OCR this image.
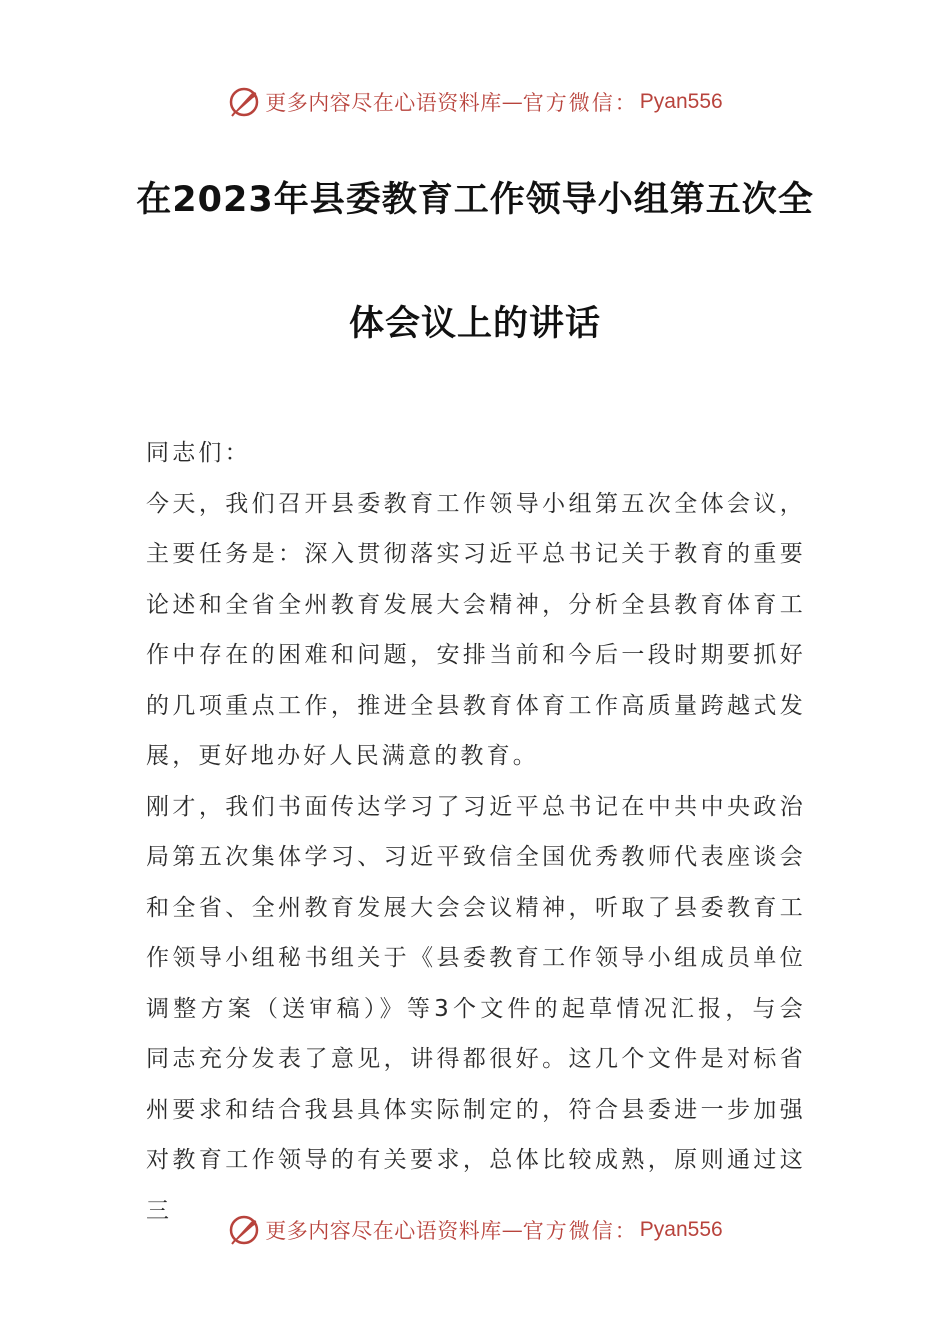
更多内容尽在心语资料库 — 官方微信： Pyan556
在2023年县委教育工作领导小组第五次全
体会议上的讲话

同志们：

今天，我们召开县委教育工作领导小组第五次全体会议，主要任务是：深入贯彻落实习近平总书记关于教育的重要论述和全省全州教育发展大会精神，分析全县教育体育工作中存在的困难和问题，安排当前和今后一段时期要抓好的几项重点工作，推进全县教育体育工作高质量跨越式发展，更好地办好人民满意的教育。

刚才，我们书面传达学习了习近平总书记在中共中央政治局第五次集体学习、习近平致信全国优秀教师代表座谈会和全省、全州教育发展大会会议精神，听取了县委教育工作领导小组秘书组关于《县委教育工作领导小组成员单位调整方案（送审稿）》等3个文件的起草情况汇报，与会同志充分发表了意见，讲得都很好。这几个文件是对标省州要求和结合我县具体实际制定的，符合县委进一步加强对教育工作领导的有关要求，总体比较成熟，原则通过这三

更多内容尽在心语资料库 — 官方微信： Pyan556
